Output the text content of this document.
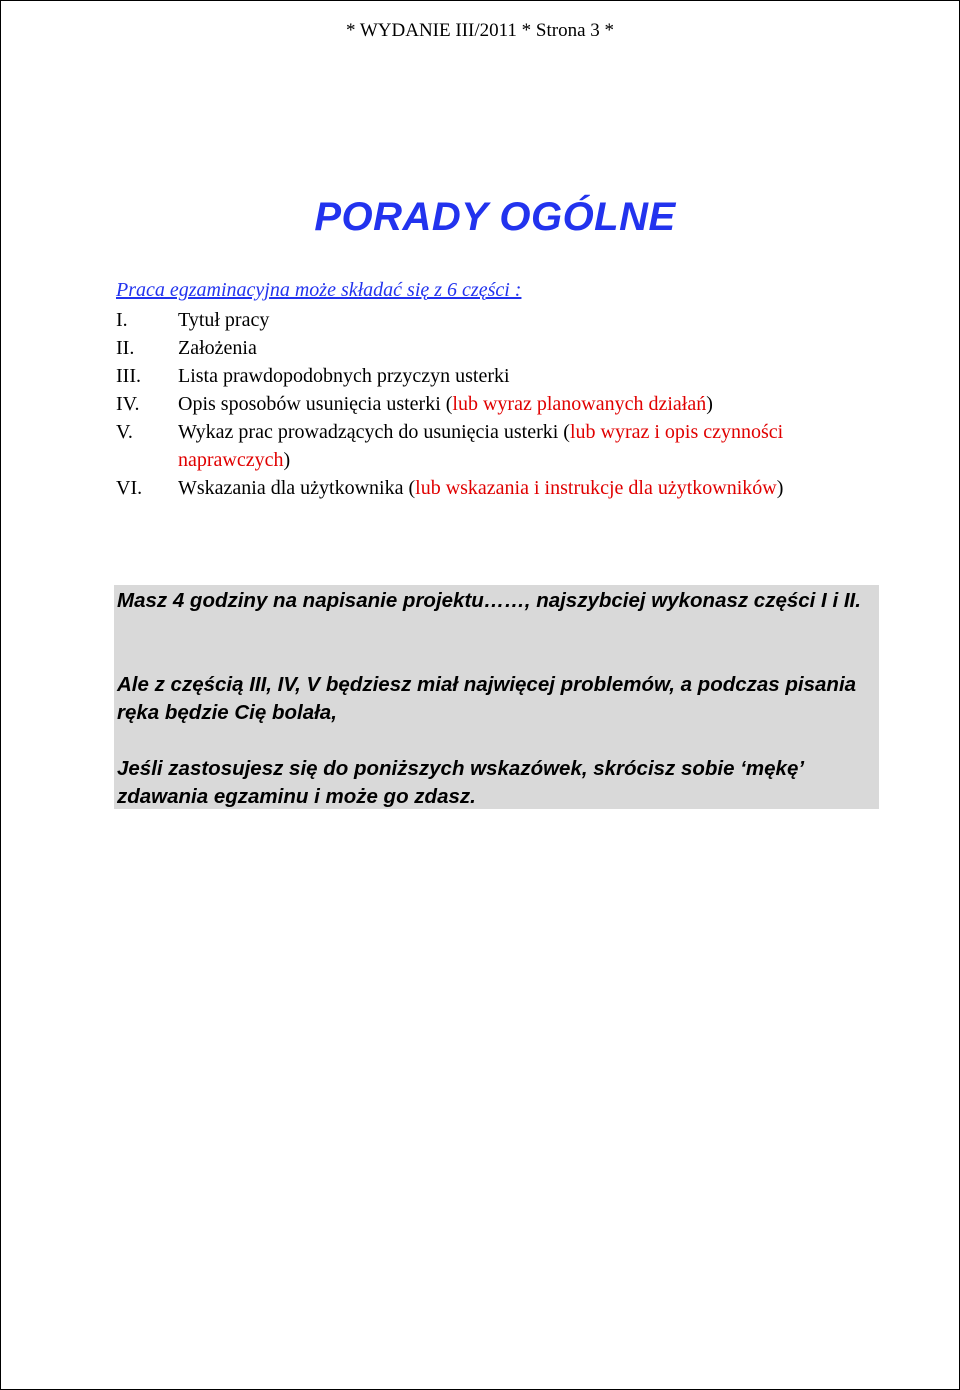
* WYDANIE III/2011 * Strona 3 *
PORADY OGÓLNE
Praca egzaminacyjna może składać się z 6 części :
I.	Tytuł pracy
II.	Założenia
III.	Lista prawdopodobnych przyczyn usterki
IV.	Opis sposobów usunięcia usterki (lub wyraz planowanych działań)
V.	Wykaz prac prowadzących do usunięcia usterki (lub wyraz i opis czynności naprawczych)
VI.	Wskazania dla użytkownika (lub wskazania i instrukcje dla użytkowników)
Masz 4 godziny na napisanie projektu……, najszybciej wykonasz części I i II.
Ale z częścią III, IV, V będziesz miał najwięcej problemów, a podczas pisania ręka będzie Cię bolała,
Jeśli zastosujesz się do poniższych wskazówek, skrócisz sobie ‘mękę’ zdawania egzaminu i może go zdasz.
